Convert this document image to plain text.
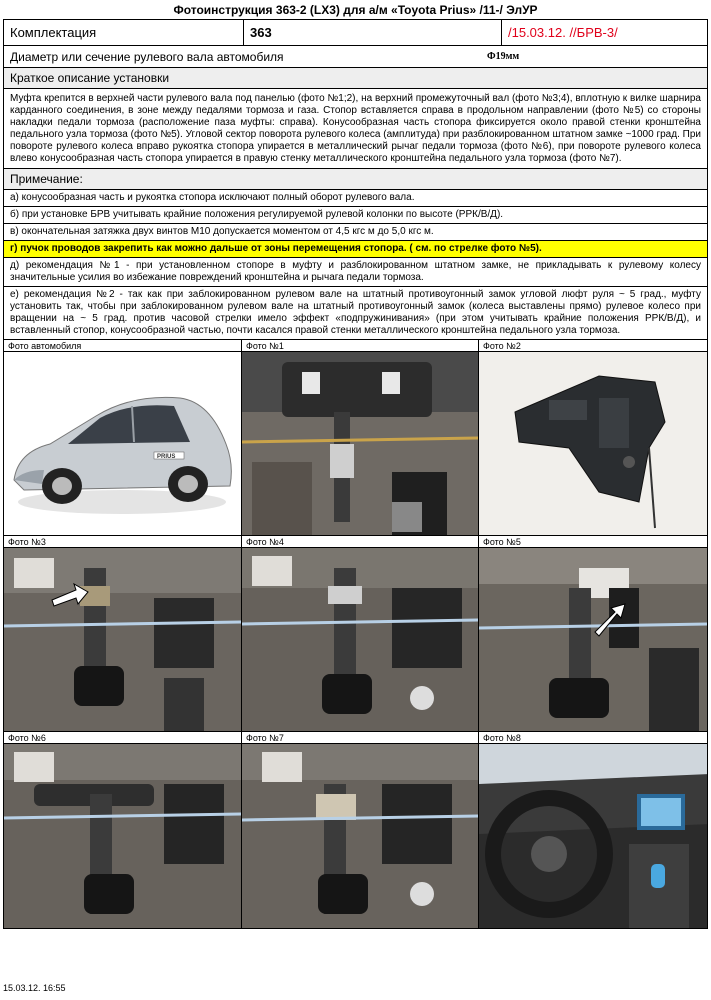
Фотоинструкция 363-2 (LX3) для а/м «Toyota Prius» /11-/ ЭлУР
Комплектация	363	/15.03.12. //БРВ-3/
Диаметр или сечение рулевого вала автомобиля	Ф19мм
Краткое описание установки
Муфта крепится в верхней части рулевого вала под панелью (фото №1;2), на верхний промежуточный вал (фото №3;4), вплотную к вилке шарнира карданного соединения, в зоне между педалями тормоза и газа. Стопор вставляется справа в продольном направлении (фото №5) со стороны накладки педали тормоза (расположение паза муфты: справа). Конусообразная часть стопора фиксируется около правой стенки кронштейна педального узла тормоза (фото №5). Угловой сектор поворота рулевого колеса (амплитуда) при разблокированном штатном замке ~1000 град. При повороте рулевого колеса вправо рукоятка стопора упирается в металлический рычаг педали тормоза (фото №6), при повороте рулевого колеса влево конусообразная часть стопора упирается в правую стенку металлического кронштейна педального узла тормоза (фото №7).
Примечание:
а) конусообразная часть и рукоятка стопора исключают полный оборот рулевого вала.
б) при установке БРВ учитывать крайние положения регулируемой рулевой колонки по высоте (РРК/В/Д).
в) окончательная затяжка двух винтов М10 допускается моментом от 4,5 кгс м до 5,0 кгс м.
г) пучок проводов закрепить как можно дальше от зоны перемещения стопора. ( см. по стрелке фото №5).
д) рекомендация №1 - при установленном стопоре в муфту и разблокированном штатном замке, не прикладывать к рулевому колесу значительные усилия во избежание повреждений кронштейна и рычага педали тормоза.
е) рекомендация №2 - так как при заблокированном рулевом вале на штатный противоугонный замок угловой люфт руля ~ 5 град., муфту установить так, чтобы при заблокированном рулевом вале на штатный противоугонный замок (колеса выставлены прямо) рулевое колесо при вращении на ~ 5 град. против часовой стрелки имело эффект «подпружинивания» (при этом учитывать крайние положения РРК/В/Д), и вставленный стопор, конусообразной частью, почти касался правой стенки металлического кронштейна педального узла тормоза.
Фото автомобиля	Фото №1	Фото №2
PRIUS
Фото №3	Фото №4	Фото №5
Фото №6	Фото №7	Фото №8
15.03.12. 16:55
